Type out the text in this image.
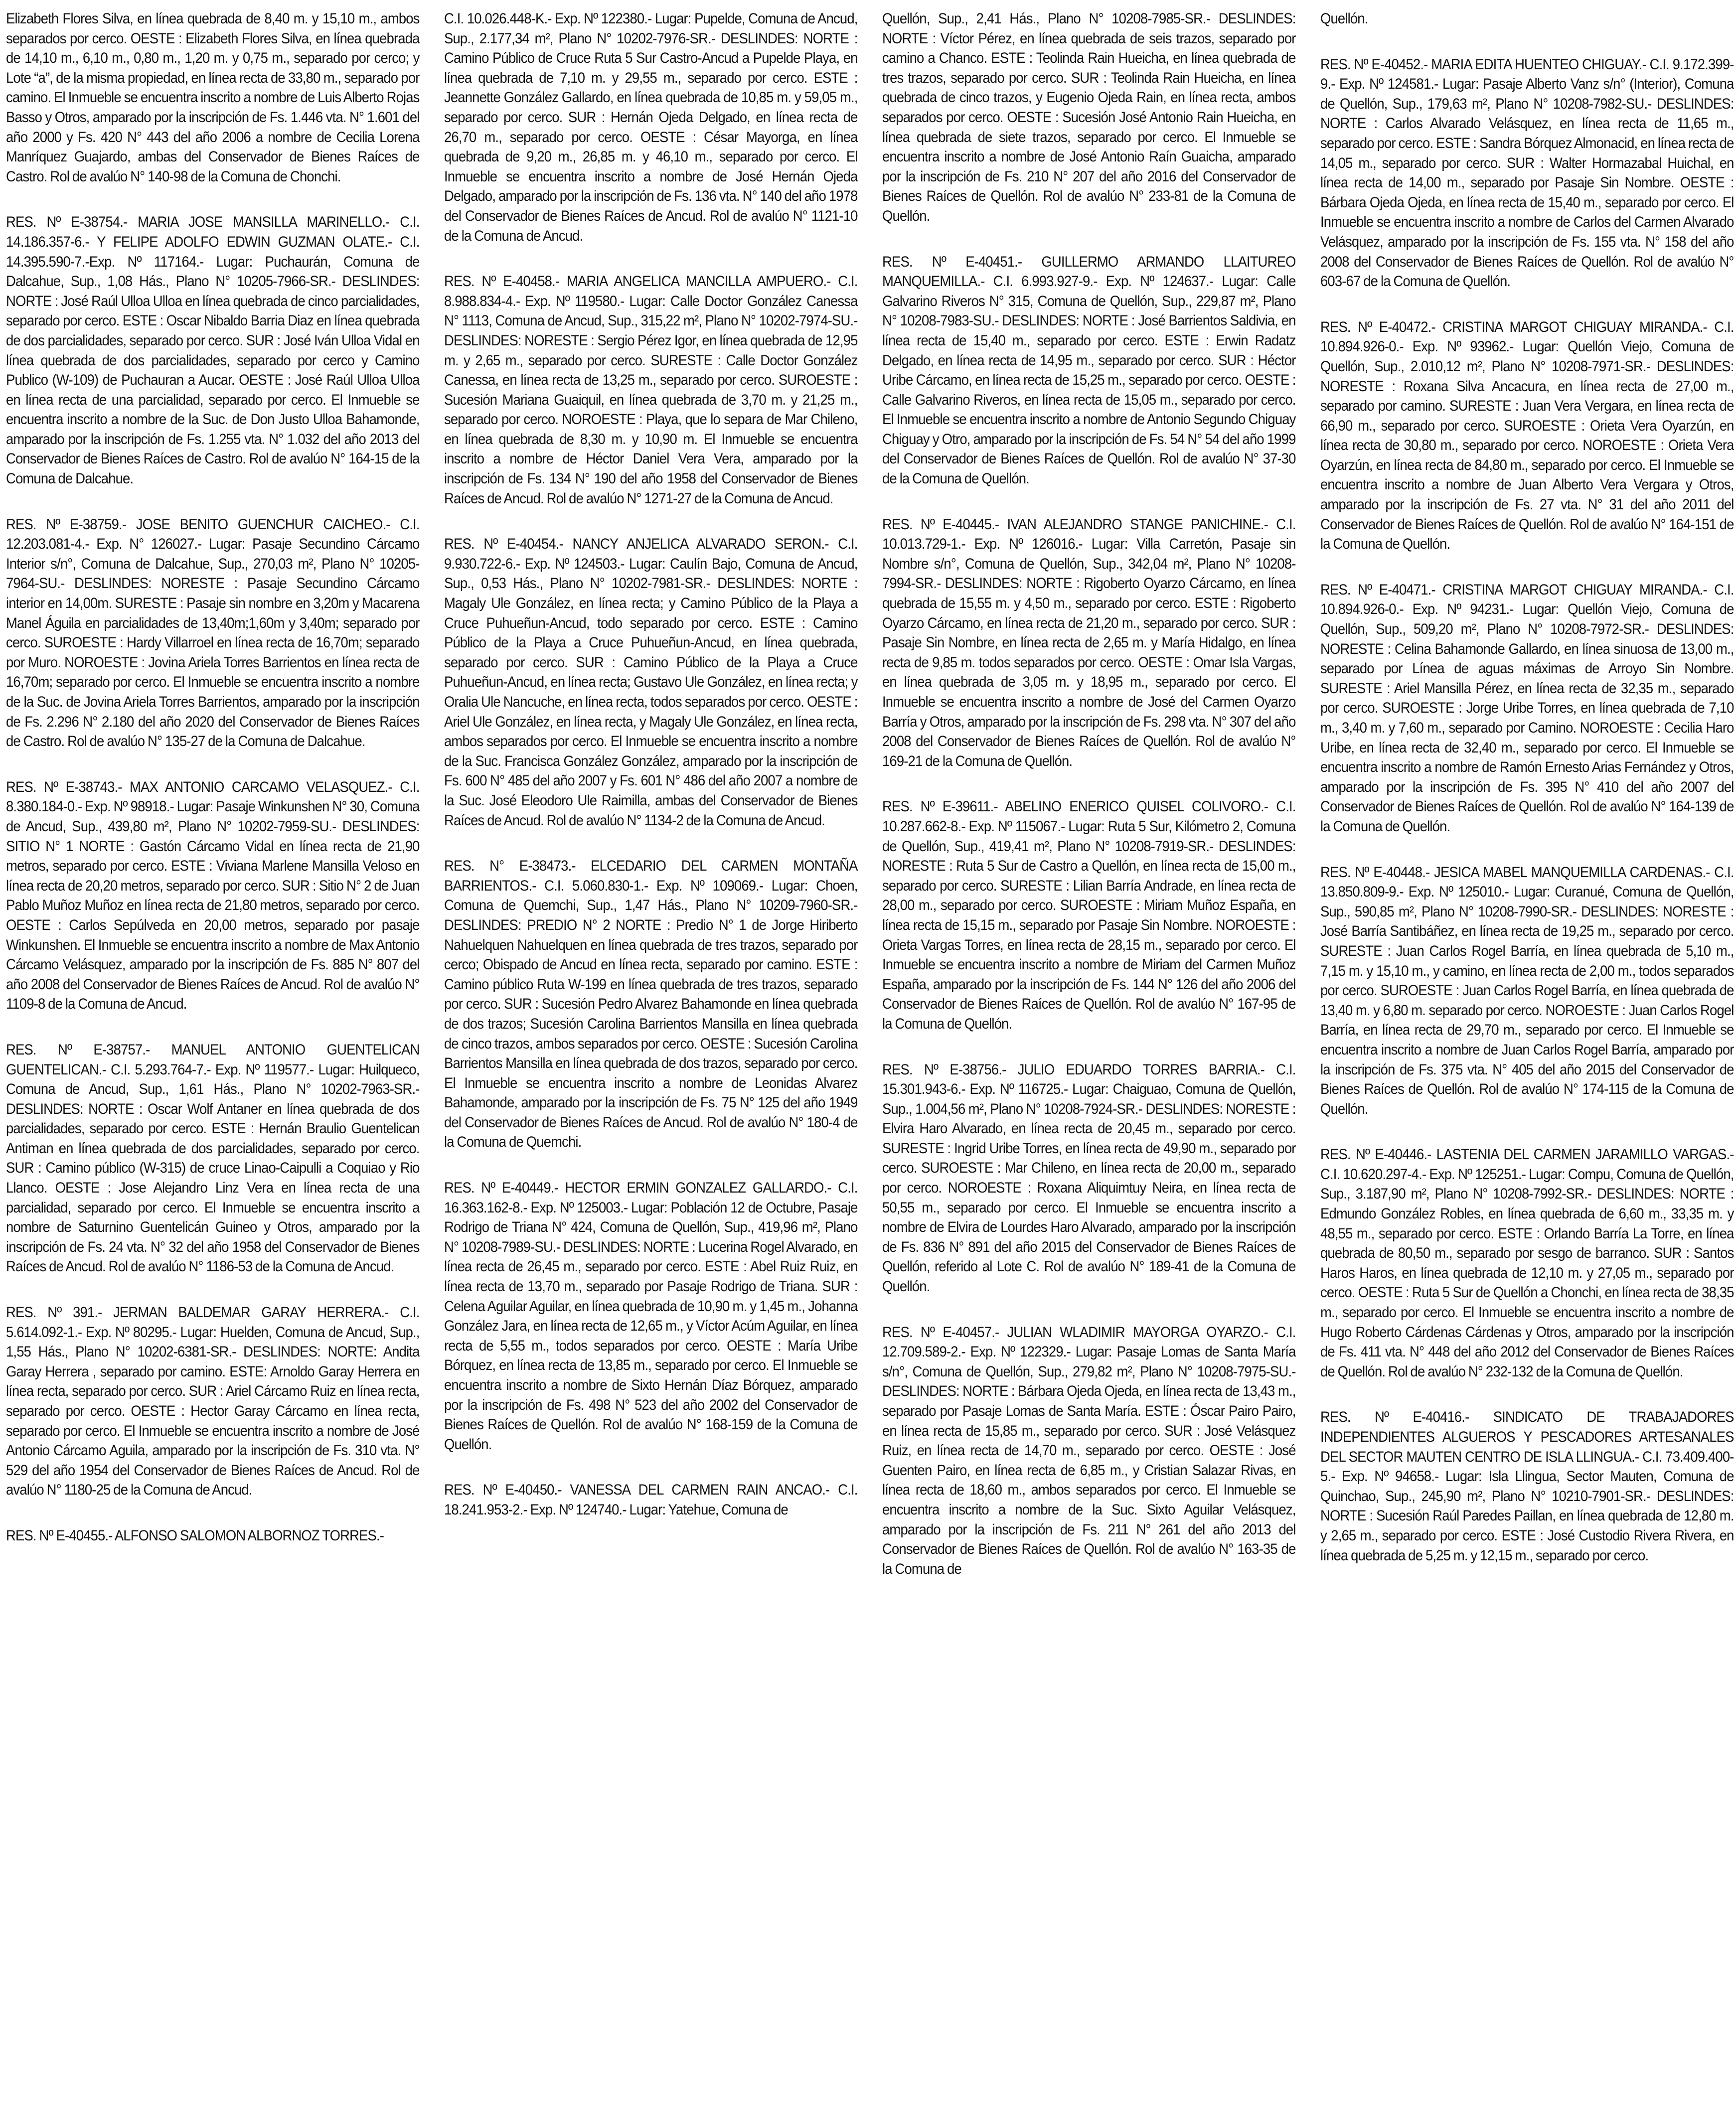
Elizabeth Flores Silva, en línea quebrada de 8,40 m. y 15,10 m., ambos separados por cerco. OESTE : Elizabeth Flores Silva, en línea quebrada de 14,10 m., 6,10 m., 0,80 m., 1,20 m. y 0,75 m., separado por cerco; y Lote “a”, de la misma propiedad, en línea recta de 33,80 m., separado por camino. El Inmueble se encuentra inscrito a nombre de Luis Alberto Rojas Basso y Otros, amparado por la inscripción de Fs. 1.446 vta. N° 1.601 del año 2000 y Fs. 420 N° 443 del año 2006 a nombre de Cecilia Lorena Manríquez Guajardo, ambas del Conservador de Bienes Raíces de Castro. Rol de avalúo N° 140-98 de la Comuna de Chonchi.

RES. Nº E-38754.- MARIA JOSE MANSILLA MARINELLO.- C.I. 14.186.357-6.- Y FELIPE ADOLFO EDWIN GUZMAN OLATE.- C.I. 14.395.590-7.-Exp. Nº 117164.- Lugar: Puchaurán, Comuna de Dalcahue, Sup., 1,08 Hás., Plano N° 10205-7966-SR.- DESLINDES: NORTE : José Raúl Ulloa Ulloa en línea quebrada de cinco parcialidades, separado por cerco. ESTE : Oscar Nibaldo Barria Diaz en línea quebrada de dos parcialidades, separado por cerco. SUR : José Iván Ulloa Vidal en línea quebrada de dos parcialidades, separado por cerco y Camino Publico (W-109) de Puchauran a Aucar. OESTE : José Raúl Ulloa Ulloa en línea recta de una parcialidad, separado por cerco. El Inmueble se encuentra inscrito a nombre de la Suc. de Don Justo Ulloa Bahamonde, amparado por la inscripción de Fs. 1.255 vta. N° 1.032 del año 2013 del Conservador de Bienes Raíces de Castro. Rol de avalúo N° 164-15 de la Comuna de Dalcahue.

RES. Nº E-38759.- JOSE BENITO GUENCHUR CAICHEO.- C.I. 12.203.081-4.- Exp. N° 126027.- Lugar: Pasaje Secundino Cárcamo Interior s/n°, Comuna de Dalcahue, Sup., 270,03 m², Plano N° 10205-7964-SU.- DESLINDES: NORESTE : Pasaje Secundino Cárcamo interior en 14,00m. SURESTE : Pasaje sin nombre en 3,20m y Macarena Manel Águila en parcialidades de 13,40m;1,60m y 3,40m; separado por cerco. SUROESTE : Hardy Villarroel en línea recta de 16,70m; separado por Muro. NOROESTE : Jovina Ariela Torres Barrientos en línea recta de 16,70m; separado por cerco. El Inmueble se encuentra inscrito a nombre de la Suc. de Jovina Ariela Torres Barrientos, amparado por la inscripción de Fs. 2.296 N° 2.180 del año 2020 del Conservador de Bienes Raíces de Castro. Rol de avalúo N° 135-27 de la Comuna de Dalcahue.

RES. Nº E-38743.- MAX ANTONIO CARCAMO VELASQUEZ.- C.I. 8.380.184-0.- Exp. Nº 98918.- Lugar: Pasaje Winkunshen N° 30, Comuna de Ancud, Sup., 439,80 m², Plano N° 10202-7959-SU.- DESLINDES: SITIO N° 1 NORTE : Gastón Cárcamo Vidal en línea recta de 21,90 metros, separado por cerco. ESTE : Viviana Marlene Mansilla Veloso en línea recta de 20,20 metros, separado por cerco. SUR : Sitio N° 2 de Juan Pablo Muñoz Muñoz en línea recta de 21,80 metros, separado por cerco. OESTE : Carlos Sepúlveda en 20,00 metros, separado por pasaje Winkunshen. El Inmueble se encuentra inscrito a nombre de Max Antonio Cárcamo Velásquez, amparado por la inscripción de Fs. 885 N° 807 del año 2008 del Conservador de Bienes Raíces de Ancud. Rol de avalúo N° 1109-8 de la Comuna de Ancud.

RES. Nº E-38757.- MANUEL ANTONIO GUENTELICAN GUENTELICAN.- C.I. 5.293.764-7.- Exp. Nº 119577.- Lugar: Huilqueco, Comuna de Ancud, Sup., 1,61 Hás., Plano N° 10202-7963-SR.- DESLINDES: NORTE : Oscar Wolf Antaner en línea quebrada de dos parcialidades, separado por cerco. ESTE : Hernán Braulio Guentelican Antiman en línea quebrada de dos parcialidades, separado por cerco. SUR : Camino público (W-315) de cruce Linao-Caipulli a Coquiao y Rio Llanco. OESTE : Jose Alejandro Linz Vera en línea recta de una parcialidad, separado por cerco. El Inmueble se encuentra inscrito a nombre de Saturnino Guentelicán Guineo y Otros, amparado por la inscripción de Fs. 24 vta. N° 32 del año 1958 del Conservador de Bienes Raíces de Ancud. Rol de avalúo N° 1186-53 de la Comuna de Ancud.

RES. Nº 391.- JERMAN BALDEMAR GARAY HERRERA.- C.I. 5.614.092-1.- Exp. Nº 80295.- Lugar: Huelden, Comuna de Ancud, Sup., 1,55 Hás., Plano N° 10202-6381-SR.- DESLINDES: NORTE: Andita Garay Herrera , separado por camino. ESTE: Arnoldo Garay Herrera en línea recta, separado por cerco. SUR : Ariel Cárcamo Ruiz en línea recta, separado por cerco. OESTE : Hector Garay Cárcamo en línea recta, separado por cerco. El Inmueble se encuentra inscrito a nombre de José Antonio Cárcamo Aguila, amparado por la inscripción de Fs. 310 vta. N° 529 del año 1954 del Conservador de Bienes Raíces de Ancud. Rol de avalúo N° 1180-25 de la Comuna de Ancud.

RES. Nº E-40455.- ALFONSO SALOMON ALBORNOZ TORRES.-

C.I. 10.026.448-K.- Exp. Nº 122380.- Lugar: Pupelde, Comuna de Ancud, Sup., 2.177,34 m², Plano N° 10202-7976-SR.- DESLINDES: NORTE : Camino Público de Cruce Ruta 5 Sur Castro-Ancud a Pupelde Playa, en línea quebrada de 7,10 m. y 29,55 m., separado por cerco. ESTE : Jeannette González Gallardo, en línea quebrada de 10,85 m. y 59,05 m., separado por cerco. SUR : Hernán Ojeda Delgado, en línea recta de 26,70 m., separado por cerco. OESTE : César Mayorga, en línea quebrada de 9,20 m., 26,85 m. y 46,10 m., separado por cerco. El Inmueble se encuentra inscrito a nombre de José Hernán Ojeda Delgado, amparado por la inscripción de Fs. 136 vta. N° 140 del año 1978 del Conservador de Bienes Raíces de Ancud. Rol de avalúo N° 1121-10 de la Comuna de Ancud.

RES. Nº E-40458.- MARIA ANGELICA MANCILLA AMPUERO.- C.I. 8.988.834-4.- Exp. Nº 119580.- Lugar: Calle Doctor González Canessa N° 1113, Comuna de Ancud, Sup., 315,22 m², Plano N° 10202-7974-SU.- DESLINDES: NORESTE : Sergio Pérez Igor, en línea quebrada de 12,95 m. y 2,65 m., separado por cerco. SURESTE : Calle Doctor González Canessa, en línea recta de 13,25 m., separado por cerco. SUROESTE : Sucesión Mariana Guaiquil, en línea quebrada de 3,70 m. y 21,25 m., separado por cerco. NOROESTE : Playa, que lo separa de Mar Chileno, en línea quebrada de 8,30 m. y 10,90 m. El Inmueble se encuentra inscrito a nombre de Héctor Daniel Vera Vera, amparado por la inscripción de Fs. 134 N° 190 del año 1958 del Conservador de Bienes Raíces de Ancud. Rol de avalúo N° 1271-27 de la Comuna de Ancud.

RES. Nº E-40454.- NANCY ANJELICA ALVARADO SERON.- C.I. 9.930.722-6.- Exp. Nº 124503.- Lugar: Caulín Bajo, Comuna de Ancud, Sup., 0,53 Hás., Plano N° 10202-7981-SR.- DESLINDES: NORTE : Magaly Ule González, en línea recta; y Camino Público de la Playa a Cruce Puhueñun-Ancud, todo separado por cerco. ESTE : Camino Público de la Playa a Cruce Puhueñun-Ancud, en línea quebrada, separado por cerco. SUR : Camino Público de la Playa a Cruce Puhueñun-Ancud, en línea recta; Gustavo Ule González, en línea recta; y Oralia Ule Nancuche, en línea recta, todos separados por cerco. OESTE : Ariel Ule González, en línea recta, y Magaly Ule González, en línea recta, ambos separados por cerco. El Inmueble se encuentra inscrito a nombre de la Suc. Francisca González González, amparado por la inscripción de Fs. 600 N° 485 del año 2007 y Fs. 601 N° 486 del año 2007 a nombre de la Suc. José Eleodoro Ule Raimilla, ambas del Conservador de Bienes Raíces de Ancud. Rol de avalúo N° 1134-2 de la Comuna de Ancud.

RES. N° E-38473.- ELCEDARIO DEL CARMEN MONTAÑA BARRIENTOS.- C.I. 5.060.830-1.- Exp. Nº 109069.- Lugar: Choen, Comuna de Quemchi, Sup., 1,47 Hás., Plano N° 10209-7960-SR.- DESLINDES: PREDIO N° 2 NORTE : Predio N° 1 de Jorge Hiriberto Nahuelquen Nahuelquen en línea quebrada de tres trazos, separado por cerco; Obispado de Ancud en línea recta, separado por camino. ESTE : Camino público Ruta W-199 en línea quebrada de tres trazos, separado por cerco. SUR : Sucesión Pedro Alvarez Bahamonde en línea quebrada de dos trazos; Sucesión Carolina Barrientos Mansilla en línea quebrada de cinco trazos, ambos separados por cerco. OESTE : Sucesión Carolina Barrientos Mansilla en línea quebrada de dos trazos, separado por cerco. El Inmueble se encuentra inscrito a nombre de Leonidas Alvarez Bahamonde, amparado por la inscripción de Fs. 75 N° 125 del año 1949 del Conservador de Bienes Raíces de Ancud. Rol de avalúo N° 180-4 de la Comuna de Quemchi.

RES. Nº E-40449.- HECTOR ERMIN GONZALEZ GALLARDO.- C.I. 16.363.162-8.- Exp. Nº 125003.- Lugar: Población 12 de Octubre, Pasaje Rodrigo de Triana N° 424, Comuna de Quellón, Sup., 419,96 m², Plano N° 10208-7989-SU.- DESLINDES: NORTE : Lucerina Rogel Alvarado, en línea recta de 26,45 m., separado por cerco. ESTE : Abel Ruiz Ruiz, en línea recta de 13,70 m., separado por Pasaje Rodrigo de Triana. SUR : Celena Aguilar Aguilar, en línea quebrada de 10,90 m. y 1,45 m., Johanna González Jara, en línea recta de 12,65 m., y Víctor Acúm Aguilar, en línea recta de 5,55 m., todos separados por cerco. OESTE : María Uribe Bórquez, en línea recta de 13,85 m., separado por cerco. El Inmueble se encuentra inscrito a nombre de Sixto Hernán Díaz Bórquez, amparado por la inscripción de Fs. 498 N° 523 del año 2002 del Conservador de Bienes Raíces de Quellón. Rol de avalúo N° 168-159 de la Comuna de Quellón.

RES. Nº E-40450.- VANESSA DEL CARMEN RAIN ANCAO.- C.I. 18.241.953-2.- Exp. Nº 124740.- Lugar: Yatehue, Comuna de

Quellón, Sup., 2,41 Hás., Plano N° 10208-7985-SR.- DESLINDES: NORTE : Víctor Pérez, en línea quebrada de seis trazos, separado por camino a Chanco. ESTE : Teolinda Rain Hueicha, en línea quebrada de tres trazos, separado por cerco. SUR : Teolinda Rain Hueicha, en línea quebrada de cinco trazos, y Eugenio Ojeda Rain, en línea recta, ambos separados por cerco. OESTE : Sucesión José Antonio Rain Hueicha, en línea quebrada de siete trazos, separado por cerco. El Inmueble se encuentra inscrito a nombre de José Antonio Raín Guaicha, amparado por la inscripción de Fs. 210 N° 207 del año 2016 del Conservador de Bienes Raíces de Quellón. Rol de avalúo N° 233-81 de la Comuna de Quellón.

RES. Nº E-40451.- GUILLERMO ARMANDO LLAITUREO MANQUEMILLA.- C.I. 6.993.927-9.- Exp. Nº 124637.- Lugar: Calle Galvarino Riveros N° 315, Comuna de Quellón, Sup., 229,87 m², Plano N° 10208-7983-SU.- DESLINDES: NORTE : José Barrientos Saldivia, en línea recta de 15,40 m., separado por cerco. ESTE : Erwin Radatz Delgado, en línea recta de 14,95 m., separado por cerco. SUR : Héctor Uribe Cárcamo, en línea recta de 15,25 m., separado por cerco. OESTE : Calle Galvarino Riveros, en línea recta de 15,05 m., separado por cerco. El Inmueble se encuentra inscrito a nombre de Antonio Segundo Chiguay Chiguay y Otro, amparado por la inscripción de Fs. 54 N° 54 del año 1999 del Conservador de Bienes Raíces de Quellón. Rol de avalúo N° 37-30 de la Comuna de Quellón.

RES. Nº E-40445.- IVAN ALEJANDRO STANGE PANICHINE.- C.I. 10.013.729-1.- Exp. Nº 126016.- Lugar: Villa Carretón, Pasaje sin Nombre s/n°, Comuna de Quellón, Sup., 342,04 m², Plano N° 10208-7994-SR.- DESLINDES: NORTE : Rigoberto Oyarzo Cárcamo, en línea quebrada de 15,55 m. y 4,50 m., separado por cerco. ESTE : Rigoberto Oyarzo Cárcamo, en línea recta de 21,20 m., separado por cerco. SUR : Pasaje Sin Nombre, en línea recta de 2,65 m. y María Hidalgo, en línea recta de 9,85 m. todos separados por cerco. OESTE : Omar Isla Vargas, en línea quebrada de 3,05 m. y 18,95 m., separado por cerco. El Inmueble se encuentra inscrito a nombre de José del Carmen Oyarzo Barría y Otros, amparado por la inscripción de Fs. 298 vta. N° 307 del año 2008 del Conservador de Bienes Raíces de Quellón. Rol de avalúo N° 169-21 de la Comuna de Quellón.

RES. Nº E-39611.- ABELINO ENERICO QUISEL COLIVORO.- C.I. 10.287.662-8.- Exp. Nº 115067.- Lugar: Ruta 5 Sur, Kilómetro 2, Comuna de Quellón, Sup., 419,41 m², Plano N° 10208-7919-SR.- DESLINDES: NORESTE : Ruta 5 Sur de Castro a Quellón, en línea recta de 15,00 m., separado por cerco. SURESTE : Lilian Barría Andrade, en línea recta de 28,00 m., separado por cerco. SUROESTE : Miriam Muñoz España, en línea recta de 15,15 m., separado por Pasaje Sin Nombre. NOROESTE : Orieta Vargas Torres, en línea recta de 28,15 m., separado por cerco. El Inmueble se encuentra inscrito a nombre de Miriam del Carmen Muñoz España, amparado por la inscripción de Fs. 144 N° 126 del año 2006 del Conservador de Bienes Raíces de Quellón. Rol de avalúo N° 167-95 de la Comuna de Quellón.

RES. Nº E-38756.- JULIO EDUARDO TORRES BARRIA.- C.I. 15.301.943-6.- Exp. Nº 116725.- Lugar: Chaiguao, Comuna de Quellón, Sup., 1.004,56 m², Plano N° 10208-7924-SR.- DESLINDES: NORESTE : Elvira Haro Alvarado, en línea recta de 20,45 m., separado por cerco. SURESTE : Ingrid Uribe Torres, en línea recta de 49,90 m., separado por cerco. SUROESTE : Mar Chileno, en línea recta de 20,00 m., separado por cerco. NOROESTE : Roxana Aliquimtuy Neira, en línea recta de 50,55 m., separado por cerco. El Inmueble se encuentra inscrito a nombre de Elvira de Lourdes Haro Alvarado, amparado por la inscripción de Fs. 836 N° 891 del año 2015 del Conservador de Bienes Raíces de Quellón, referido al Lote C. Rol de avalúo N° 189-41 de la Comuna de Quellón.

RES. Nº E-40457.- JULIAN WLADIMIR MAYORGA OYARZO.- C.I. 12.709.589-2.- Exp. Nº 122329.- Lugar: Pasaje Lomas de Santa María s/n°, Comuna de Quellón, Sup., 279,82 m², Plano N° 10208-7975-SU.- DESLINDES: NORTE : Bárbara Ojeda Ojeda, en línea recta de 13,43 m., separado por Pasaje Lomas de Santa María. ESTE : Óscar Pairo Pairo, en línea recta de 15,85 m., separado por cerco. SUR : José Velásquez Ruiz, en línea recta de 14,70 m., separado por cerco. OESTE : José Guenten Pairo, en línea recta de 6,85 m., y Cristian Salazar Rivas, en línea recta de 18,60 m., ambos separados por cerco. El Inmueble se encuentra inscrito a nombre de la Suc. Sixto Aguilar Velásquez, amparado por la inscripción de Fs. 211 N° 261 del año 2013 del Conservador de Bienes Raíces de Quellón. Rol de avalúo N° 163-35 de la Comuna de

Quellón.

RES. Nº E-40452.- MARIA EDITA HUENTEO CHIGUAY.- C.I. 9.172.399-9.- Exp. Nº 124581.- Lugar: Pasaje Alberto Vanz s/n° (Interior), Comuna de Quellón, Sup., 179,63 m², Plano N° 10208-7982-SU.- DESLINDES: NORTE : Carlos Alvarado Velásquez, en línea recta de 11,65 m., separado por cerco. ESTE : Sandra Bórquez Almonacid, en línea recta de 14,05 m., separado por cerco. SUR : Walter Hormazabal Huichal, en línea recta de 14,00 m., separado por Pasaje Sin Nombre. OESTE : Bárbara Ojeda Ojeda, en línea recta de 15,40 m., separado por cerco. El Inmueble se encuentra inscrito a nombre de Carlos del Carmen Alvarado Velásquez, amparado por la inscripción de Fs. 155 vta. N° 158 del año 2008 del Conservador de Bienes Raíces de Quellón. Rol de avalúo N° 603-67 de la Comuna de Quellón.

RES. Nº E-40472.- CRISTINA MARGOT CHIGUAY MIRANDA.- C.I. 10.894.926-0.- Exp. Nº 93962.- Lugar: Quellón Viejo, Comuna de Quellón, Sup., 2.010,12 m², Plano N° 10208-7971-SR.- DESLINDES: NORESTE : Roxana Silva Ancacura, en línea recta de 27,00 m., separado por camino. SURESTE : Juan Vera Vergara, en línea recta de 66,90 m., separado por cerco. SUROESTE : Orieta Vera Oyarzún, en línea recta de 30,80 m., separado por cerco. NOROESTE : Orieta Vera Oyarzún, en línea recta de 84,80 m., separado por cerco. El Inmueble se encuentra inscrito a nombre de Juan Alberto Vera Vergara y Otros, amparado por la inscripción de Fs. 27 vta. N° 31 del año 2011 del Conservador de Bienes Raíces de Quellón. Rol de avalúo N° 164-151 de la Comuna de Quellón.

RES. Nº E-40471.- CRISTINA MARGOT CHIGUAY MIRANDA.- C.I. 10.894.926-0.- Exp. Nº 94231.- Lugar: Quellón Viejo, Comuna de Quellón, Sup., 509,20 m², Plano N° 10208-7972-SR.- DESLINDES: NORESTE : Celina Bahamonde Gallardo, en línea sinuosa de 13,00 m., separado por Línea de aguas máximas de Arroyo Sin Nombre. SURESTE : Ariel Mansilla Pérez, en línea recta de 32,35 m., separado por cerco. SUROESTE : Jorge Uribe Torres, en línea quebrada de 7,10 m., 3,40 m. y 7,60 m., separado por Camino. NOROESTE : Cecilia Haro Uribe, en línea recta de 32,40 m., separado por cerco. El Inmueble se encuentra inscrito a nombre de Ramón Ernesto Arias Fernández y Otros, amparado por la inscripción de Fs. 395 N° 410 del año 2007 del Conservador de Bienes Raíces de Quellón. Rol de avalúo N° 164-139 de la Comuna de Quellón.

RES. Nº E-40448.- JESICA MABEL MANQUEMILLA CARDENAS.- C.I. 13.850.809-9.- Exp. Nº 125010.- Lugar: Curanué, Comuna de Quellón, Sup., 590,85 m², Plano N° 10208-7990-SR.- DESLINDES: NORESTE : José Barría Santibáñez, en línea recta de 19,25 m., separado por cerco. SURESTE : Juan Carlos Rogel Barría, en línea quebrada de 5,10 m., 7,15 m. y 15,10 m., y camino, en línea recta de 2,00 m., todos separados por cerco. SUROESTE : Juan Carlos Rogel Barría, en línea quebrada de 13,40 m. y 6,80 m. separado por cerco. NOROESTE : Juan Carlos Rogel Barría, en línea recta de 29,70 m., separado por cerco. El Inmueble se encuentra inscrito a nombre de Juan Carlos Rogel Barría, amparado por la inscripción de Fs. 375 vta. N° 405 del año 2015 del Conservador de Bienes Raíces de Quellón. Rol de avalúo N° 174-115 de la Comuna de Quellón.

RES. Nº E-40446.- LASTENIA DEL CARMEN JARAMILLO VARGAS.- C.I. 10.620.297-4.- Exp. Nº 125251.- Lugar: Compu, Comuna de Quellón, Sup., 3.187,90 m², Plano N° 10208-7992-SR.- DESLINDES: NORTE : Edmundo González Robles, en línea quebrada de 6,60 m., 33,35 m. y 48,55 m., separado por cerco. ESTE : Orlando Barría La Torre, en línea quebrada de 80,50 m., separado por sesgo de barranco. SUR : Santos Haros Haros, en línea quebrada de 12,10 m. y 27,05 m., separado por cerco. OESTE : Ruta 5 Sur de Quellón a Chonchi, en línea recta de 38,35 m., separado por cerco. El Inmueble se encuentra inscrito a nombre de Hugo Roberto Cárdenas Cárdenas y Otros, amparado por la inscripción de Fs. 411 vta. N° 448 del año 2012 del Conservador de Bienes Raíces de Quellón. Rol de avalúo N° 232-132 de la Comuna de Quellón.

RES. Nº E-40416.- SINDICATO DE TRABAJADORES INDEPENDIENTES ALGUEROS Y PESCADORES ARTESANALES DEL SECTOR MAUTEN CENTRO DE ISLA LLINGUA.- C.I. 73.409.400-5.- Exp. Nº 94658.- Lugar: Isla Llingua, Sector Mauten, Comuna de Quinchao, Sup., 245,90 m², Plano N° 10210-7901-SR.- DESLINDES: NORTE : Sucesión Raúl Paredes Paillan, en línea quebrada de 12,80 m. y 2,65 m., separado por cerco. ESTE : José Custodio Rivera Rivera, en línea quebrada de 5,25 m. y 12,15 m., separado por cerco.
